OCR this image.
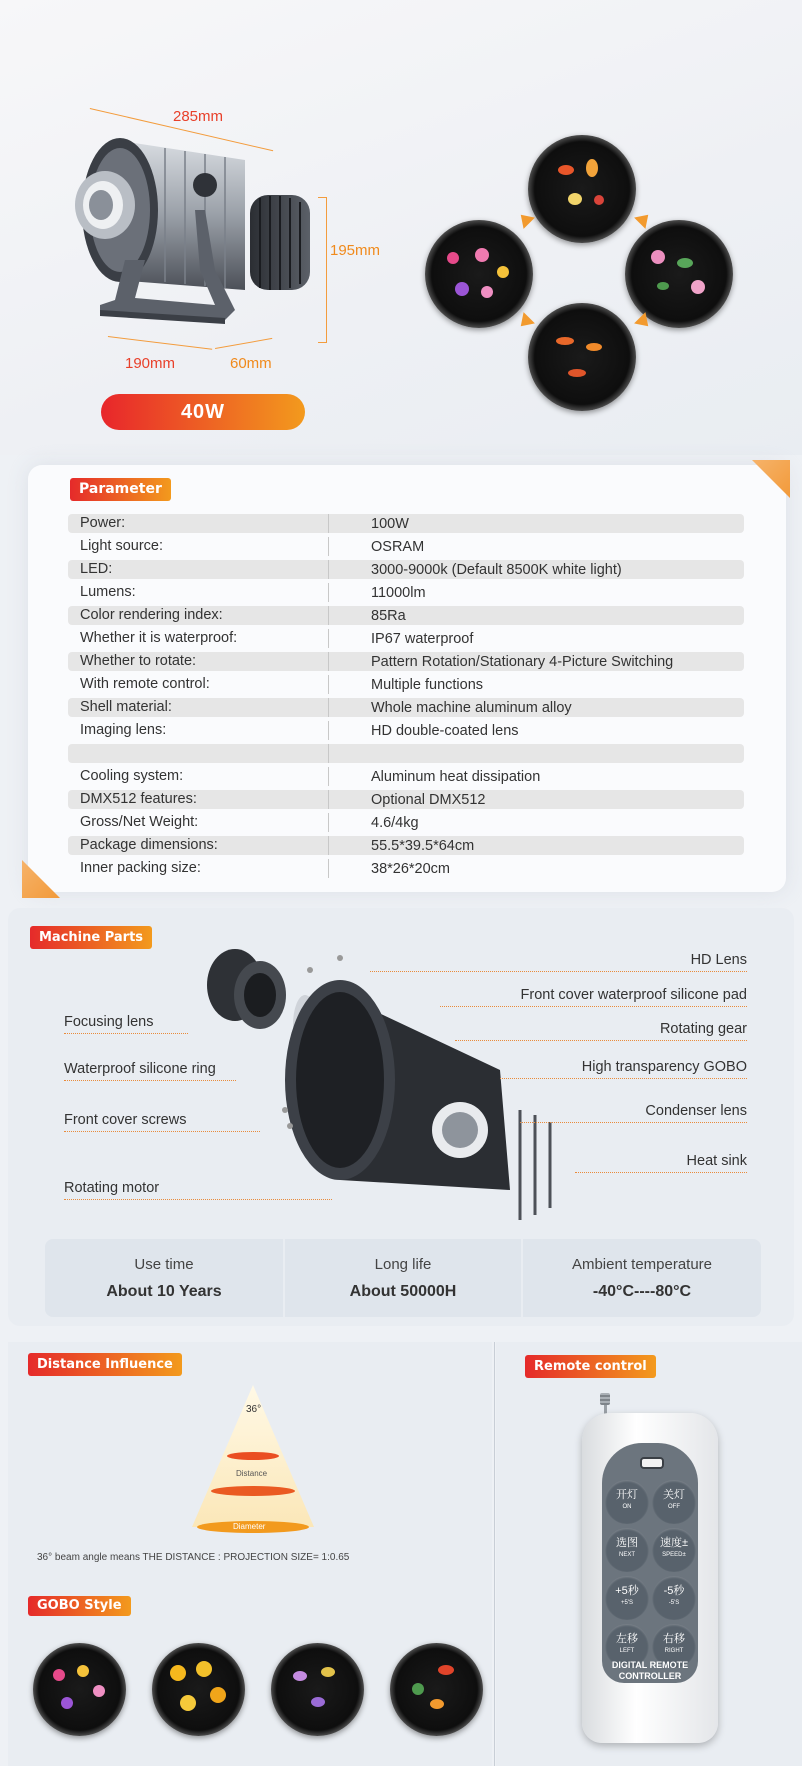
285mm
195mm
190mm	60mm
40W
Parameter
Power:	100W
Light source:	OSRAM
LED:	3000-9000k (Default 8500K white light)
Lumens:	11000lm
Color rendering index:	85Ra
Whether it is waterproof:	IP67 waterproof
Whether to rotate:	Pattern Rotation/Stationary 4-Picture Switching
With remote control:	Multiple functions
Shell material:	Whole machine aluminum alloy
Imaging lens:	HD double-coated lens
Cooling system:	Aluminum heat dissipation
DMX512 features:	Optional DMX512
Gross/Net Weight:	4.6/4kg
Package dimensions:	55.5*39.5*64cm
Inner packing size:	38*26*20cm
Machine Parts
Focusing lens
Waterproof silicone ring
Front cover screws
Rotating motor
HD Lens
Front cover waterproof silicone pad
Rotating gear
High transparency GOBO
Condenser lens
Heat sink
Use time
About 10 Years
Long life
About 50000H
Ambient temperature
-40°C----80°C
Distance Influence
36°
Distance
Diameter
36° beam angle means THE DISTANCE : PROJECTION SIZE= 1:0.65
GOBO Style
Remote control
开灯
ON
关灯
OFF
选图
NEXT
速度±
SPEED±
+5秒
+5'S
-5秒
-5'S
左移
LEFT
右移
RIGHT
DIGITAL REMOTE
CONTROLLER
